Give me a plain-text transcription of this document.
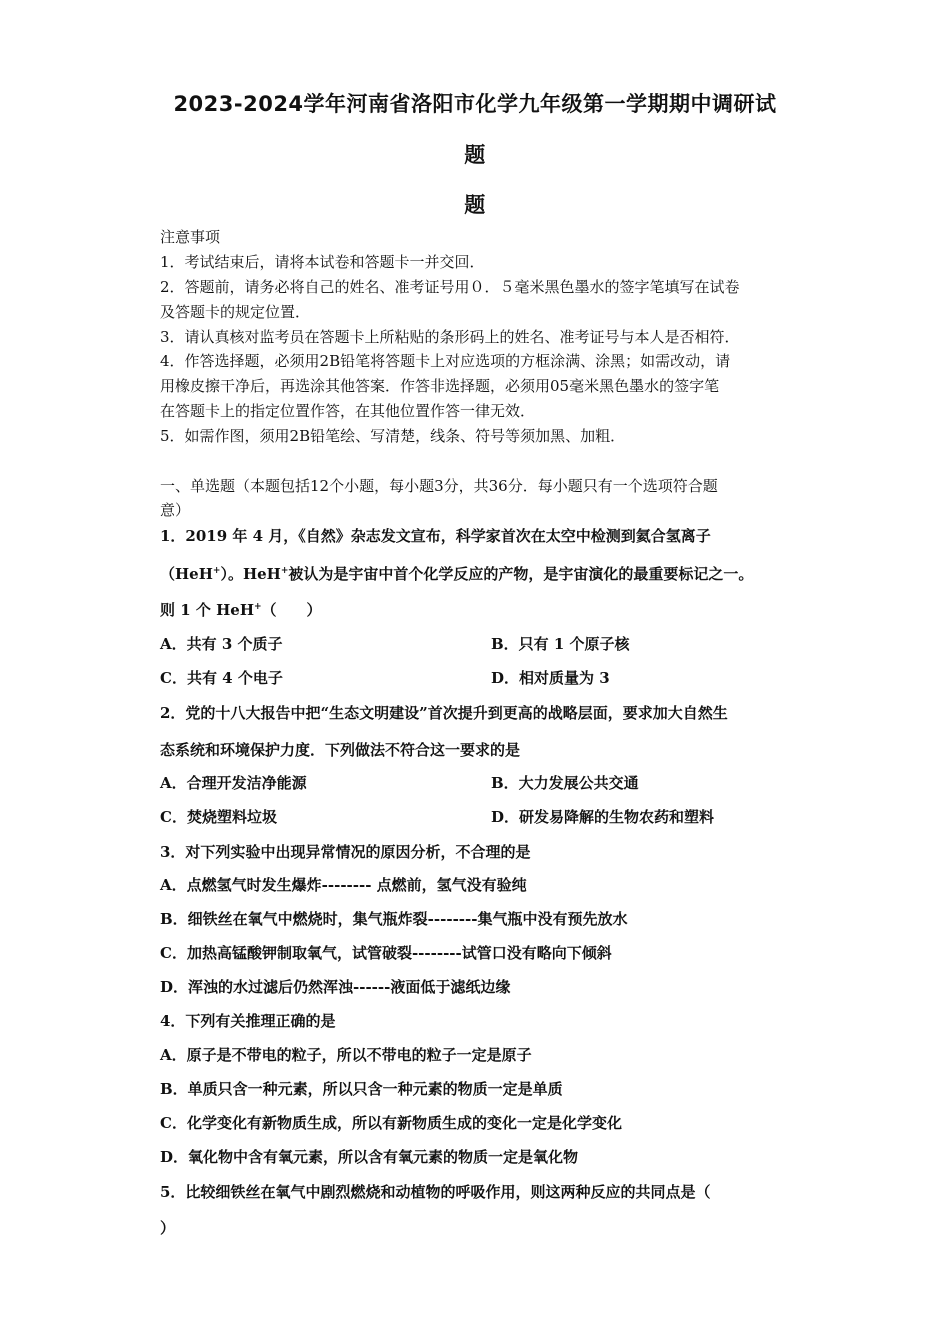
2023-2024学年河南省洛阳市化学九年级第一学期期中调研试
题
题
注意事项
1．考试结束后，请将本试卷和答题卡一并交回．
2．答题前，请务必将自己的姓名、准考证号用０．５毫米黑色墨水的签字笔填写在试卷
及答题卡的规定位置．
3．请认真核对监考员在答题卡上所粘贴的条形码上的姓名、准考证号与本人是否相符．
4．作答选择题，必须用2B铅笔将答题卡上对应选项的方框涂满、涂黑；如需改动，请
用橡皮擦干净后，再选涂其他答案．作答非选择题，必须用05毫米黑色墨水的签字笔
在答题卡上的指定位置作答，在其他位置作答一律无效．
5．如需作图，须用2B铅笔绘、写清楚，线条、符号等须加黑、加粗．
一、单选题（本题包括12个小题，每小题3分，共36分．每小题只有一个选项符合题
意）
1．2019 年 4 月，《自然》杂志发文宣布，科学家首次在太空中检测到氦合氢离子
（HeH+）。HeH+被认为是宇宙中首个化学反应的产物，是宇宙演化的最重要标记之一。
则 1 个 HeH+（　　）
A．共有 3 个质子	B．只有 1 个原子核
C．共有 4 个电子	D．相对质量为 3
2．党的十八大报告中把“生态文明建设”首次提升到更高的战略层面，要求加大自然生
态系统和环境保护力度．下列做法不符合这一要求的是
A．合理开发洁净能源	B．大力发展公共交通
C．焚烧塑料垃圾	D．研发易降解的生物农药和塑料
3．对下列实验中出现异常情况的原因分析，不合理的是
A．点燃氢气时发生爆炸-------- 点燃前，氢气没有验纯
B．细铁丝在氧气中燃烧时，集气瓶炸裂--------集气瓶中没有预先放水
C．加热高锰酸钾制取氧气，试管破裂--------试管口没有略向下倾斜
D．浑浊的水过滤后仍然浑浊------液面低于滤纸边缘
4．下列有关推理正确的是
A．原子是不带电的粒子，所以不带电的粒子一定是原子
B．单质只含一种元素，所以只含一种元素的物质一定是单质
C．化学变化有新物质生成，所以有新物质生成的变化一定是化学变化
D．氧化物中含有氧元素，所以含有氧元素的物质一定是氧化物
5．比较细铁丝在氧气中剧烈燃烧和动植物的呼吸作用，则这两种反应的共同点是（
）
